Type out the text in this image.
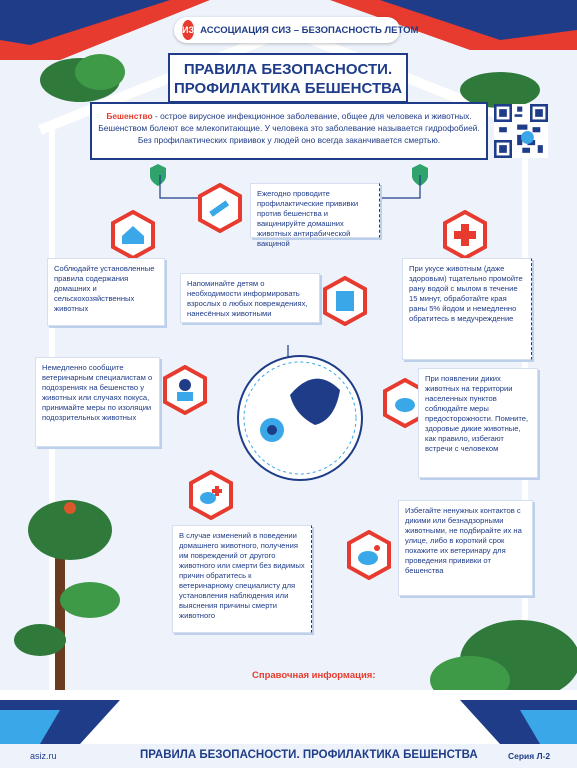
ИЗ АССОЦИАЦИЯ СИЗ – БЕЗОПАСНОСТЬ ЛЕТОМ
ПРАВИЛА БЕЗОПАСНОСТИ.
ПРОФИЛАКТИКА БЕШЕНСТВА
Бешенство - острое вирусное инфекционное заболевание, общее для человека и животных.
Бешенством болеют все млекопитающие. У человека это заболевание называется гидрофобией.
Без профилактических прививок у людей оно всегда заканчивается смертью.
Ежегодно проводите профилактические прививки против бешенства и вакцинируйте домашних животных антирабической вакциной
Соблюдайте установленные правила содержания домашних и сельскохозяйственных животных
Напоминайте детям о необходимости информировать взрослых о любых повреждениях, нанесённых животными
При укусе животным (даже здоровым) тщательно промойте рану водой с мылом в течение 15 минут, обработайте края раны 5% йодом и немедленно обратитесь в медучреждение
Немедленно сообщите ветеринарным специалистам о подозрениях на бешенство у животных или случаях покуса, принимайте меры по изоляции подозрительных животных
При появлении диких животных на территории населенных пунктов соблюдайте меры предосторожности. Помните, здоровые дикие животные, как правило, избегают встречи с человеком
В случае изменений в поведении домашнего животного, получения им повреждений от другого животного или смерти без видимых причин обратитесь к ветеринарному специалисту для установления наблюдения или выяснения причины смерти животного
Избегайте ненужных контактов с дикими или безнадзорными животными, не подбирайте их на улице, либо в короткий срок покажите их ветеринару для проведения прививки от бешенства
Справочная информация:
asiz.ru	ПРАВИЛА БЕЗОПАСНОСТИ. ПРОФИЛАКТИКА БЕШЕНСТВА	Серия Л-2
